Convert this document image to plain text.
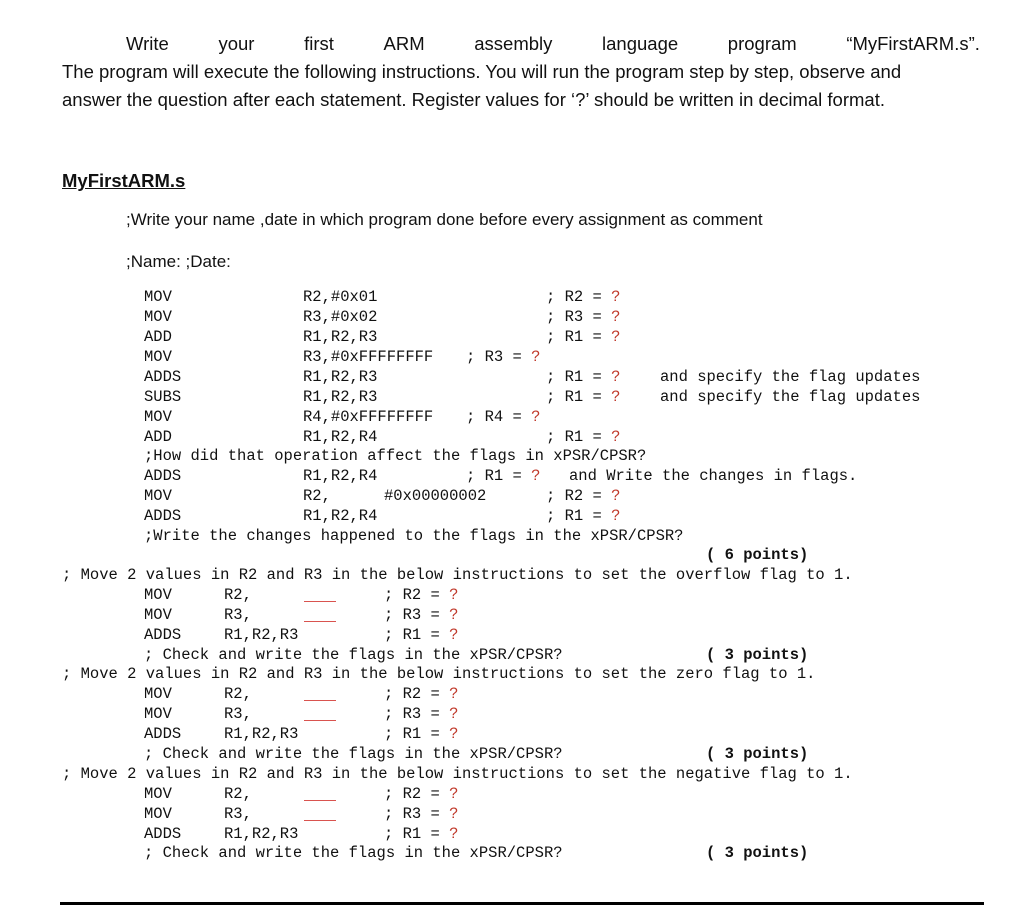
Write	your	first	ARM	assembly	language	program	“MyFirstARM.s”.
The program will execute the following instructions. You will run the program step by step, observe and
answer the question after each statement. Register values for ‘?’ should be written in decimal format.
MyFirstARM.s
;Write your name ,date in which program done before every assignment as comment
;Name: ;Date:
MOV	R2,#0x01	; R2 = ?
MOV	R3,#0x02	; R3 = ?
ADD	R1,R2,R3	; R1 = ?
MOV	R3,#0xFFFFFFFF ; R3 = ?
ADDS	R1,R2,R3	; R1 = ?	and specify the flag updates
SUBS	R1,R2,R3	; R1 = ?	and specify the flag updates
MOV	R4,#0xFFFFFFFF ; R4 = ?
ADD	R1,R2,R4	; R1 = ?
;How did that operation affect the flags in xPSR/CPSR?
ADDS	R1,R2,R4	; R1 = ? and Write the changes in flags.
MOV	R2,	#0x00000002	; R2 = ?
ADDS	R1,R2,R4	; R1 = ?
;Write the changes happened to the flags in the xPSR/CPSR?
( 6 points)
; Move 2 values in R2 and R3 in the below instructions to set the overflow flag to 1.
MOV	R2,	; R2 = ?
MOV	R3,	; R3 = ?
ADDS	R1,R2,R3	; R1 = ?
; Check and write the flags in the xPSR/CPSR?	( 3 points)
; Move 2 values in R2 and R3 in the below instructions to set the zero flag to 1.
MOV	R2,	; R2 = ?
MOV	R3,	; R3 = ?
ADDS	R1,R2,R3	; R1 = ?
; Check and write the flags in the xPSR/CPSR?	( 3 points)
; Move 2 values in R2 and R3 in the below instructions to set the negative flag to 1.
MOV	R2,	; R2 = ?
MOV	R3,	; R3 = ?
ADDS	R1,R2,R3	; R1 = ?
; Check and write the flags in the xPSR/CPSR?	( 3 points)
